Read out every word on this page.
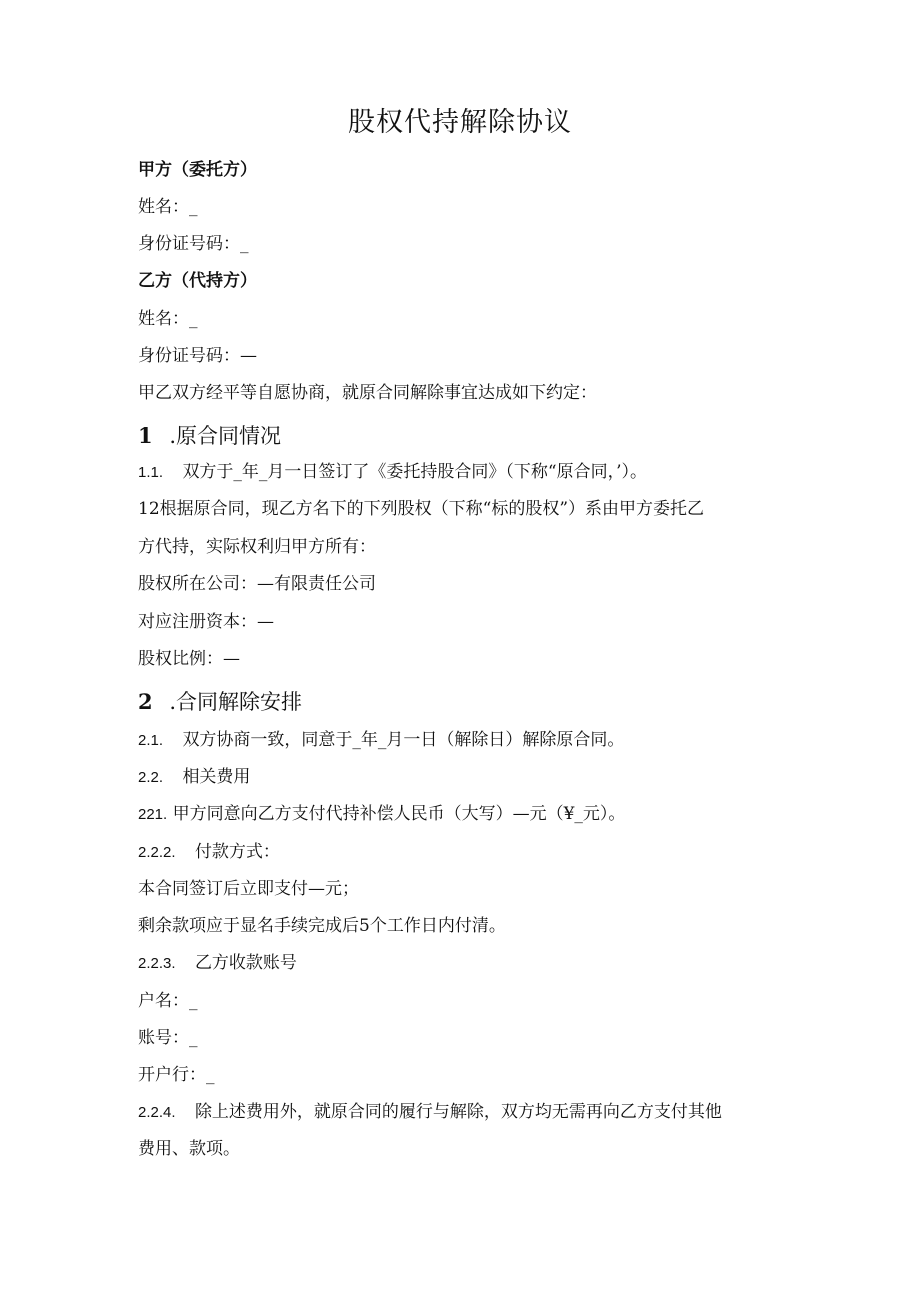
股权代持解除协议
甲方（委托方）
姓名：_
身份证号码：_
乙方（代持方）
姓名：_
身份证号码：—
甲乙双方经平等自愿协商，就原合同解除事宜达成如下约定：
1 .原合同情况
1.1. 双方于_年_月一日签订了《委托持股合同》（下称“原合同，’）。
12根据原合同，现乙方名下的下列股权（下称“标的股权”）系由甲方委托乙
方代持，实际权利归甲方所有：
股权所在公司：—有限责任公司
对应注册资本：—
股权比例：—
2 .合同解除安排
2.1. 双方协商一致，同意于_年_月一日（解除日）解除原合同。
2.2. 相关费用
221. 甲方同意向乙方支付代持补偿人民币（大写）—元（¥_元）。
2.2.2. 付款方式：
本合同签订后立即支付—元；
剩余款项应于显名手续完成后5个工作日内付清。
2.2.3. 乙方收款账号
户名：_
账号：_
开户行：_
2.2.4. 除上述费用外，就原合同的履行与解除，双方均无需再向乙方支付其他
费用、款项。
